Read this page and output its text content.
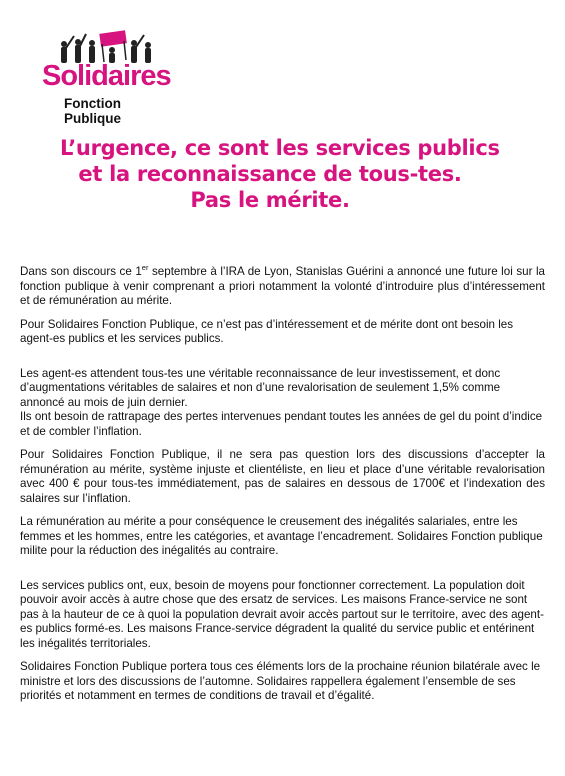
Solidaires
Fonction Publique
L’urgence, ce sont les services publics
et la reconnaissance de tous-tes.
Pas le mérite.

Dans son discours ce 1er septembre à l’IRA de Lyon, Stanislas Guérini a annoncé une future loi sur la fonction publique à venir comprenant a priori notamment la volonté d’introduire plus d’intéressement et de rémunération au mérite.

Pour Solidaires Fonction Publique, ce n’est pas d’intéressement et de mérite dont ont besoin les agent-es publics et les services publics.

Les agent-es attendent tous-tes une véritable reconnaissance de leur investissement, et donc d’augmentations véritables de salaires et non d’une revalorisation de seulement 1,5% comme annoncé au mois de juin dernier.

Ils ont besoin de rattrapage des pertes intervenues pendant toutes les années de gel du point d’indice et de combler l’inflation.

Pour Solidaires Fonction Publique, il ne sera pas question lors des discussions d’accepter la rémunération au mérite, système injuste et clientéliste, en lieu et place d’une véritable revalorisation avec 400 € pour tous-tes immédiatement, pas de salaires en dessous de 1700€ et l’indexation des salaires sur l’inflation.

La rémunération au mérite a pour conséquence le creusement des inégalités salariales, entre les femmes et les hommes, entre les catégories, et avantage l’encadrement. Solidaires Fonction publique milite pour la réduction des inégalités au contraire.

Les services publics ont, eux, besoin de moyens pour fonctionner correctement. La population doit pouvoir avoir accès à autre chose que des ersatz de services. Les maisons France-service ne sont pas à la hauteur de ce à quoi la population devrait avoir accès partout sur le territoire, avec des agent-es publics formé-es. Les maisons France-service dégradent la qualité du service public et entérinent les inégalités territoriales.

Solidaires Fonction Publique portera tous ces éléments lors de la prochaine réunion bilatérale avec le ministre et lors des discussions de l’automne. Solidaires rappellera également l’ensemble de ses priorités et notamment en termes de conditions de travail et d’égalité.
